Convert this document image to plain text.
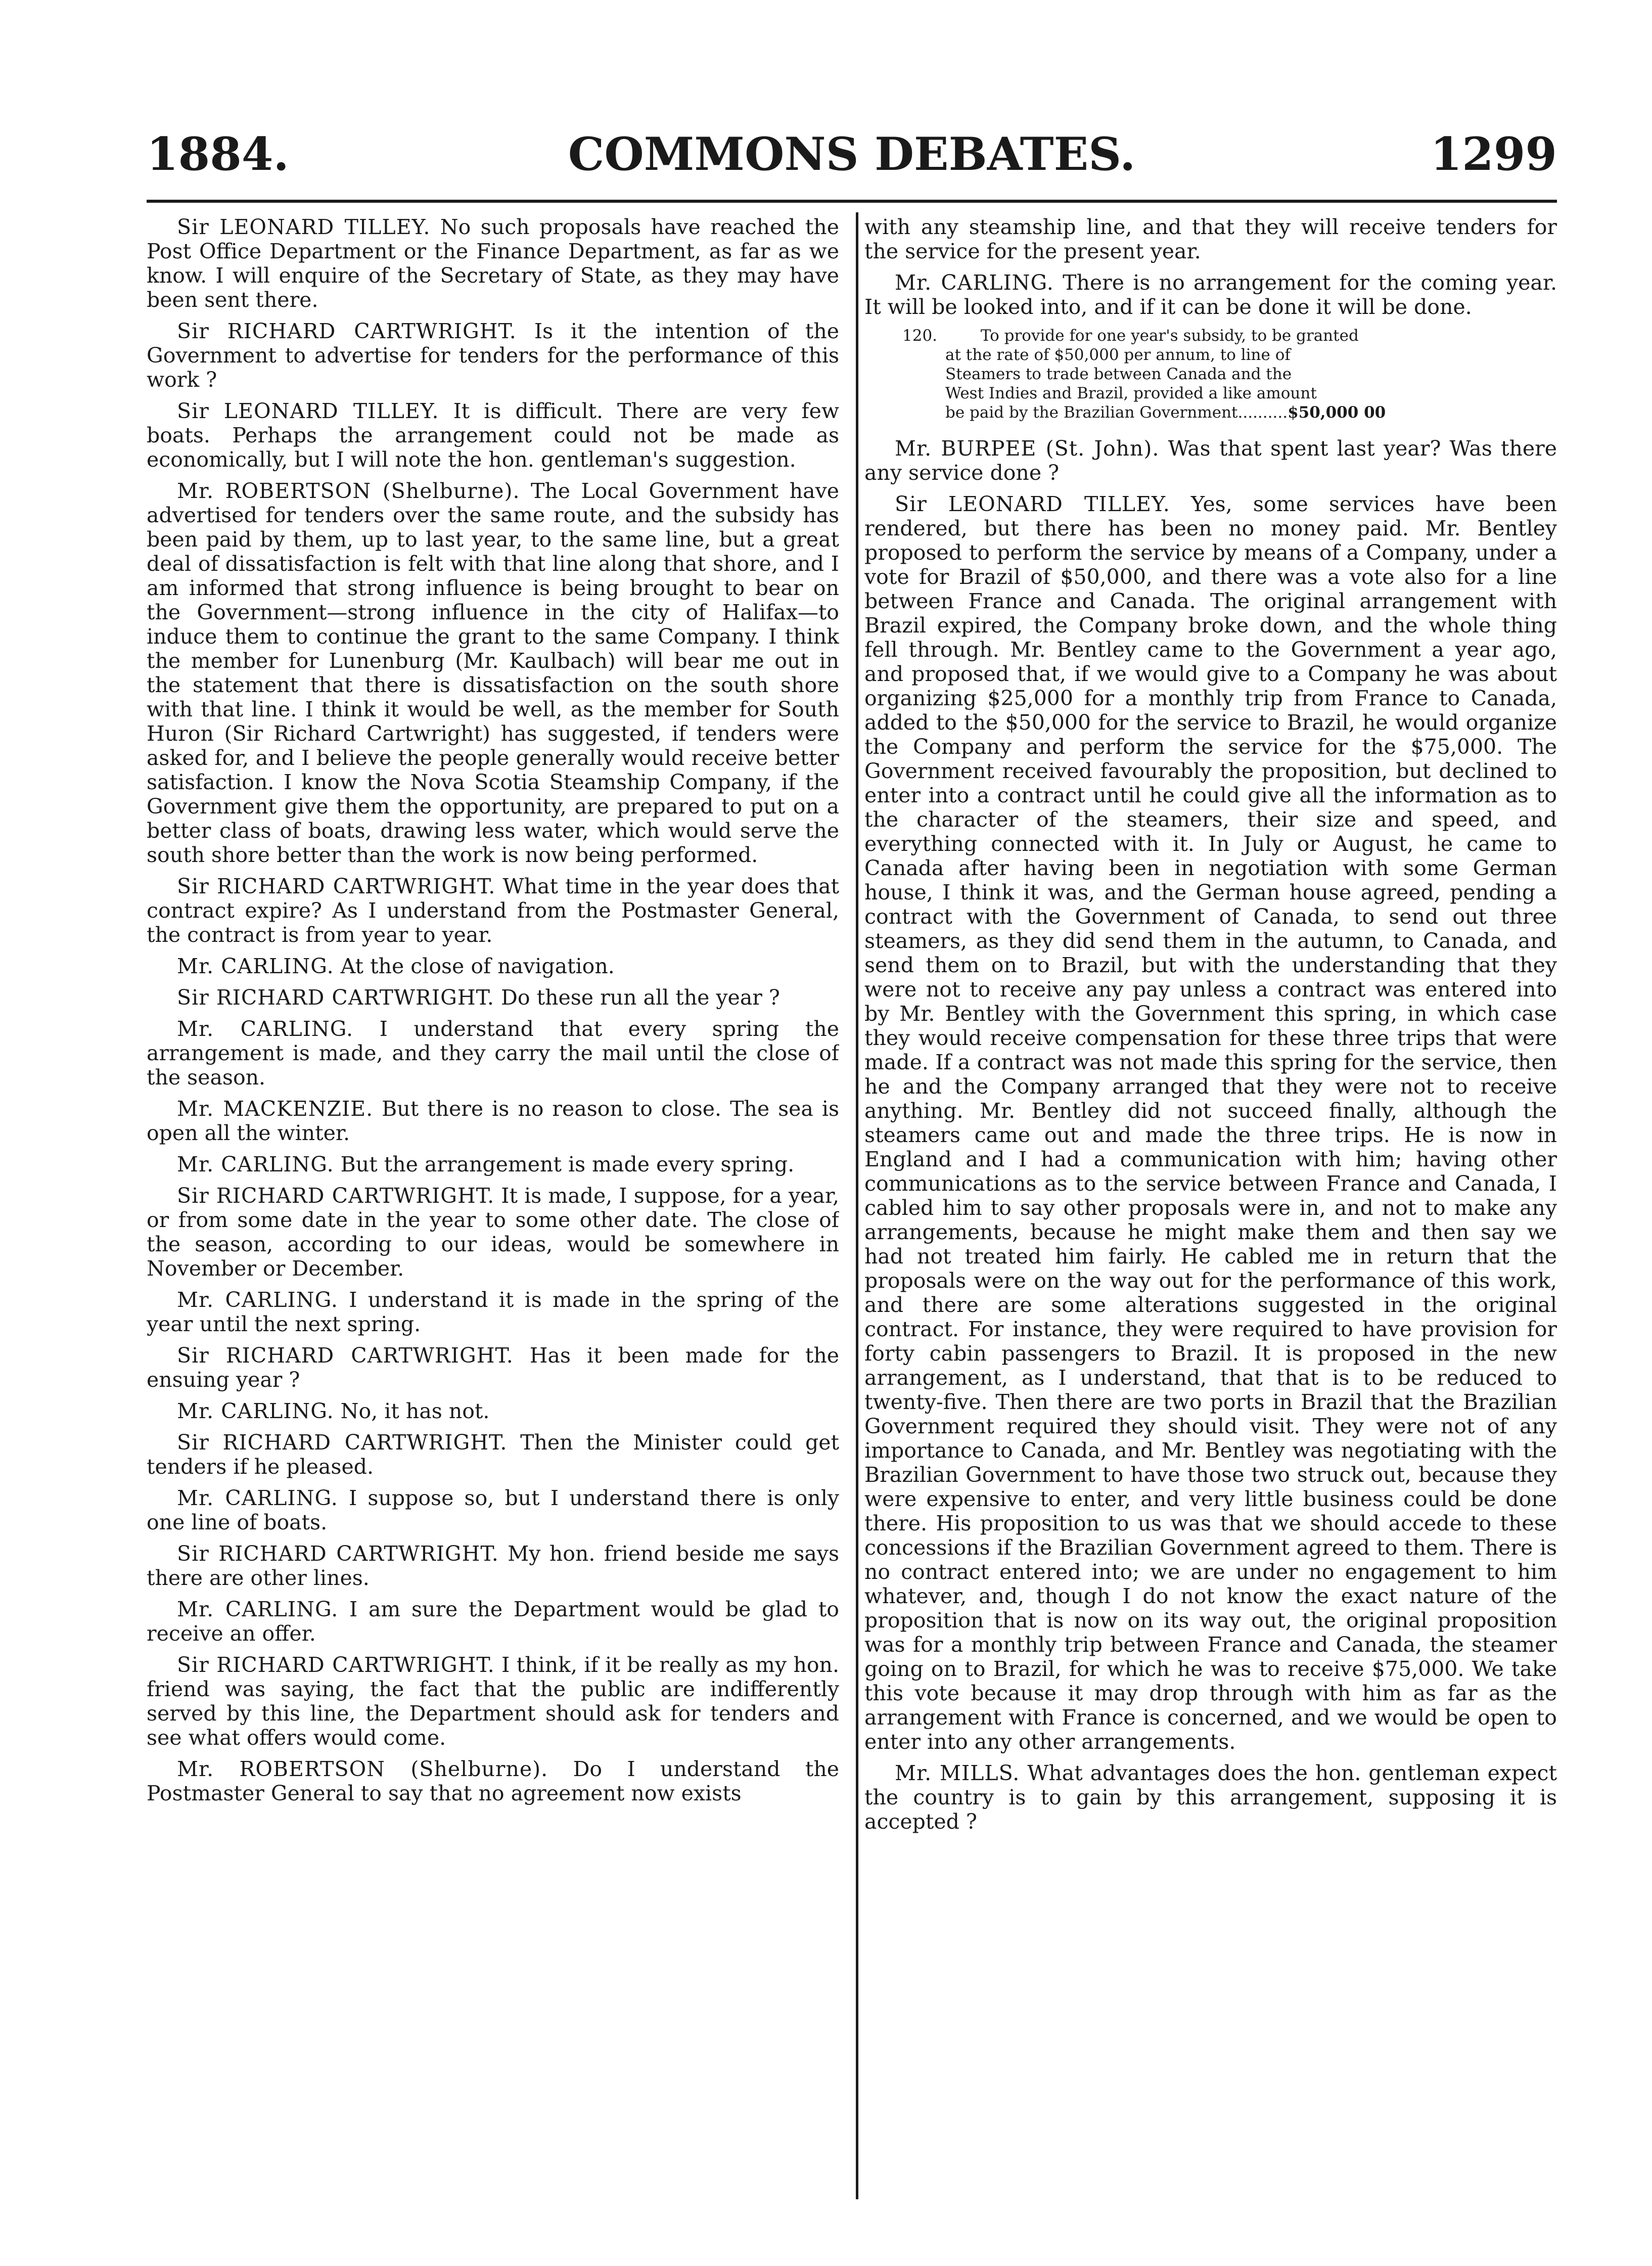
1884.	COMMONS DEBATES.	1299

Sir LEONARD TILLEY. No such proposals have reached the Post Office Department or the Finance Department, as far as we know. I will enquire of the Secretary of State, as they may have been sent there.

Sir RICHARD CARTWRIGHT. Is it the intention of the Government to advertise for tenders for the performance of this work ?

Sir LEONARD TILLEY. It is difficult. There are very few boats. Perhaps the arrangement could not be made as economically, but I will note the hon. gentleman's suggestion.

Mr. ROBERTSON (Shelburne). The Local Government have advertised for tenders over the same route, and the subsidy has been paid by them, up to last year, to the same line, but a great deal of dissatisfaction is felt with that line along that shore, and I am informed that strong influence is being brought to bear on the Government—strong influence in the city of Halifax—to induce them to continue the grant to the same Company. I think the member for Lunenburg (Mr. Kaulbach) will bear me out in the statement that there is dissatisfaction on the south shore with that line. I think it would be well, as the member for South Huron (Sir Richard Cartwright) has suggested, if tenders were asked for, and I believe the people generally would receive better satisfaction. I know the Nova Scotia Steamship Company, if the Government give them the opportunity, are prepared to put on a better class of boats, drawing less water, which would serve the south shore better than the work is now being performed.

Sir RICHARD CARTWRIGHT. What time in the year does that contract expire? As I understand from the Postmaster General, the contract is from year to year.

Mr. CARLING. At the close of navigation.

Sir RICHARD CARTWRIGHT. Do these run all the year ?

Mr. CARLING. I understand that every spring the arrangement is made, and they carry the mail until the close of the season.

Mr. MACKENZIE. But there is no reason to close. The sea is open all the winter.

Mr. CARLING. But the arrangement is made every spring.

Sir RICHARD CARTWRIGHT. It is made, I suppose, for a year, or from some date in the year to some other date. The close of the season, according to our ideas, would be somewhere in November or December.

Mr. CARLING. I understand it is made in the spring of the year until the next spring.

Sir RICHARD CARTWRIGHT. Has it been made for the ensuing year ?

Mr. CARLING. No, it has not.

Sir RICHARD CARTWRIGHT. Then the Minister could get tenders if he pleased.

Mr. CARLING. I suppose so, but I understand there is only one line of boats.

Sir RICHARD CARTWRIGHT. My hon. friend beside me says there are other lines.

Mr. CARLING. I am sure the Department would be glad to receive an offer.

Sir RICHARD CARTWRIGHT. I think, if it be really as my hon. friend was saying, the fact that the public are indifferently served by this line, the Department should ask for tenders and see what offers would come.

Mr. ROBERTSON (Shelburne). Do I understand the Postmaster General to say that no agreement now exists

with any steamship line, and that they will receive tenders for the service for the present year.

Mr. CARLING. There is no arrangement for the coming year. It will be looked into, and if it can be done it will be done.

120.	To provide for one year's subsidy, to be granted
at the rate of $50,000 per annum, to line of
Steamers to trade between Canada and the
West Indies and Brazil, provided a like amount
be paid by the Brazilian Government..........$50,000 00

Mr. BURPEE (St. John). Was that spent last year? Was there any service done ?

Sir LEONARD TILLEY. Yes, some services have been rendered, but there has been no money paid. Mr. Bentley proposed to perform the service by means of a Company, under a vote for Brazil of $50,000, and there was a vote also for a line between France and Canada. The original arrangement with Brazil expired, the Company broke down, and the whole thing fell through. Mr. Bentley came to the Government a year ago, and proposed that, if we would give to a Company he was about organizing $25,000 for a monthly trip from France to Canada, added to the $50,000 for the service to Brazil, he would organize the Company and perform the service for the $75,000. The Government received favourably the proposition, but declined to enter into a contract until he could give all the information as to the character of the steamers, their size and speed, and everything connected with it. In July or August, he came to Canada after having been in negotiation with some German house, I think it was, and the German house agreed, pending a contract with the Government of Canada, to send out three steamers, as they did send them in the autumn, to Canada, and send them on to Brazil, but with the understanding that they were not to receive any pay unless a contract was entered into by Mr. Bentley with the Government this spring, in which case they would receive compensation for these three trips that were made. If a contract was not made this spring for the service, then he and the Company arranged that they were not to receive anything. Mr. Bentley did not succeed finally, although the steamers came out and made the three trips. He is now in England and I had a communication with him; having other communications as to the service between France and Canada, I cabled him to say other proposals were in, and not to make any arrangements, because he might make them and then say we had not treated him fairly. He cabled me in return that the proposals were on the way out for the performance of this work, and there are some alterations suggested in the original contract. For instance, they were required to have provision for forty cabin passengers to Brazil. It is proposed in the new arrangement, as I understand, that that is to be reduced to twenty-five. Then there are two ports in Brazil that the Brazilian Government required they should visit. They were not of any importance to Canada, and Mr. Bentley was negotiating with the Brazilian Government to have those two struck out, because they were expensive to enter, and very little business could be done there. His proposition to us was that we should accede to these concessions if the Brazilian Government agreed to them. There is no contract entered into; we are under no engagement to him whatever, and, though I do not know the exact nature of the proposition that is now on its way out, the original proposition was for a monthly trip between France and Canada, the steamer going on to Brazil, for which he was to receive $75,000. We take this vote because it may drop through with him as far as the arrangement with France is concerned, and we would be open to enter into any other arrangements.

Mr. MILLS. What advantages does the hon. gentleman expect the country is to gain by this arrangement, supposing it is accepted ?
